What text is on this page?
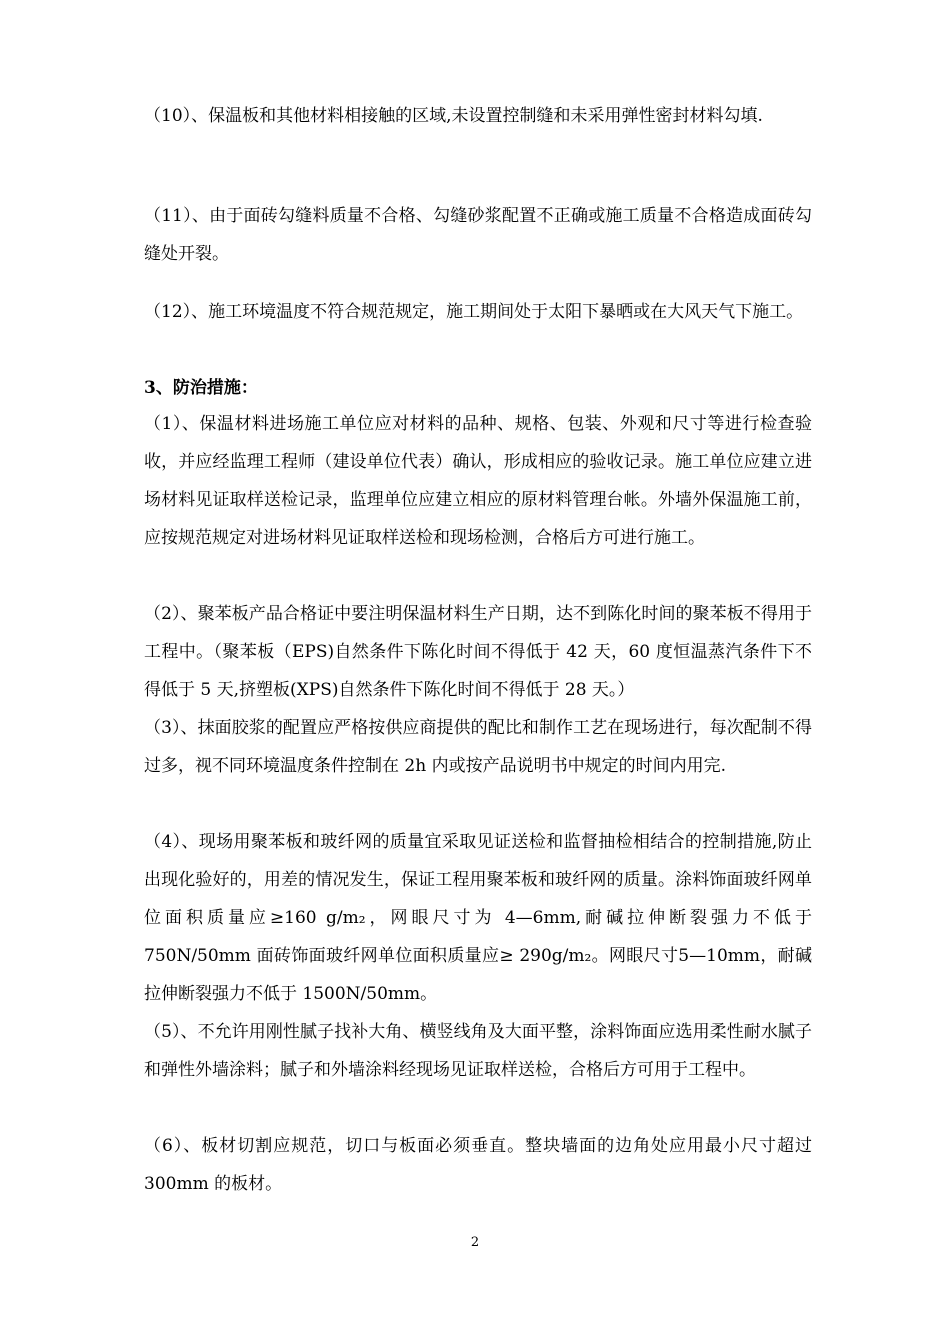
（10）、保温板和其他材料相接触的区域,未设置控制缝和未采用弹性密封材料勾填.

（11）、由于面砖勾缝料质量不合格、勾缝砂浆配置不正确或施工质量不合格造成面砖勾缝处开裂。

（12）、施工环境温度不符合规范规定，施工期间处于太阳下暴晒或在大风天气下施工。

3、防治措施：

（1）、保温材料进场施工单位应对材料的品种、规格、包装、外观和尺寸等进行检查验收，并应经监理工程师（建设单位代表）确认，形成相应的验收记录。施工单位应建立进场材料见证取样送检记录，监理单位应建立相应的原材料管理台帐。外墙外保温施工前，应按规范规定对进场材料见证取样送检和现场检测，合格后方可进行施工。

（2）、聚苯板产品合格证中要注明保温材料生产日期，达不到陈化时间的聚苯板不得用于工程中。（聚苯板（EPS)自然条件下陈化时间不得低于 42 天，60 度恒温蒸汽条件下不得低于 5 天,挤塑板(XPS)自然条件下陈化时间不得低于 28 天。）

（3）、抹面胶浆的配置应严格按供应商提供的配比和制作工艺在现场进行，每次配制不得过多，视不同环境温度条件控制在 2h 内或按产品说明书中规定的时间内用完.

（4）、现场用聚苯板和玻纤网的质量宜采取见证送检和监督抽检相结合的控制措施,防止出现化验好的，用差的情况发生，保证工程用聚苯板和玻纤网的质量。涂料饰面玻纤网单位面积质量应≥160 g/m₂，网眼尺寸为 4—6mm,耐碱拉伸断裂强力不低于 750N/50mm 面砖饰面玻纤网单位面积质量应≥ 290g/m₂。网眼尺寸5—10mm，耐碱拉伸断裂强力不低于 1500N/50mm。

（5）、不允许用刚性腻子找补大角、横竖线角及大面平整，涂料饰面应选用柔性耐水腻子和弹性外墙涂料；腻子和外墙涂料经现场见证取样送检，合格后方可用于工程中。

（6）、板材切割应规范，切口与板面必须垂直。整块墙面的边角处应用最小尺寸超过 300mm 的板材。

2
